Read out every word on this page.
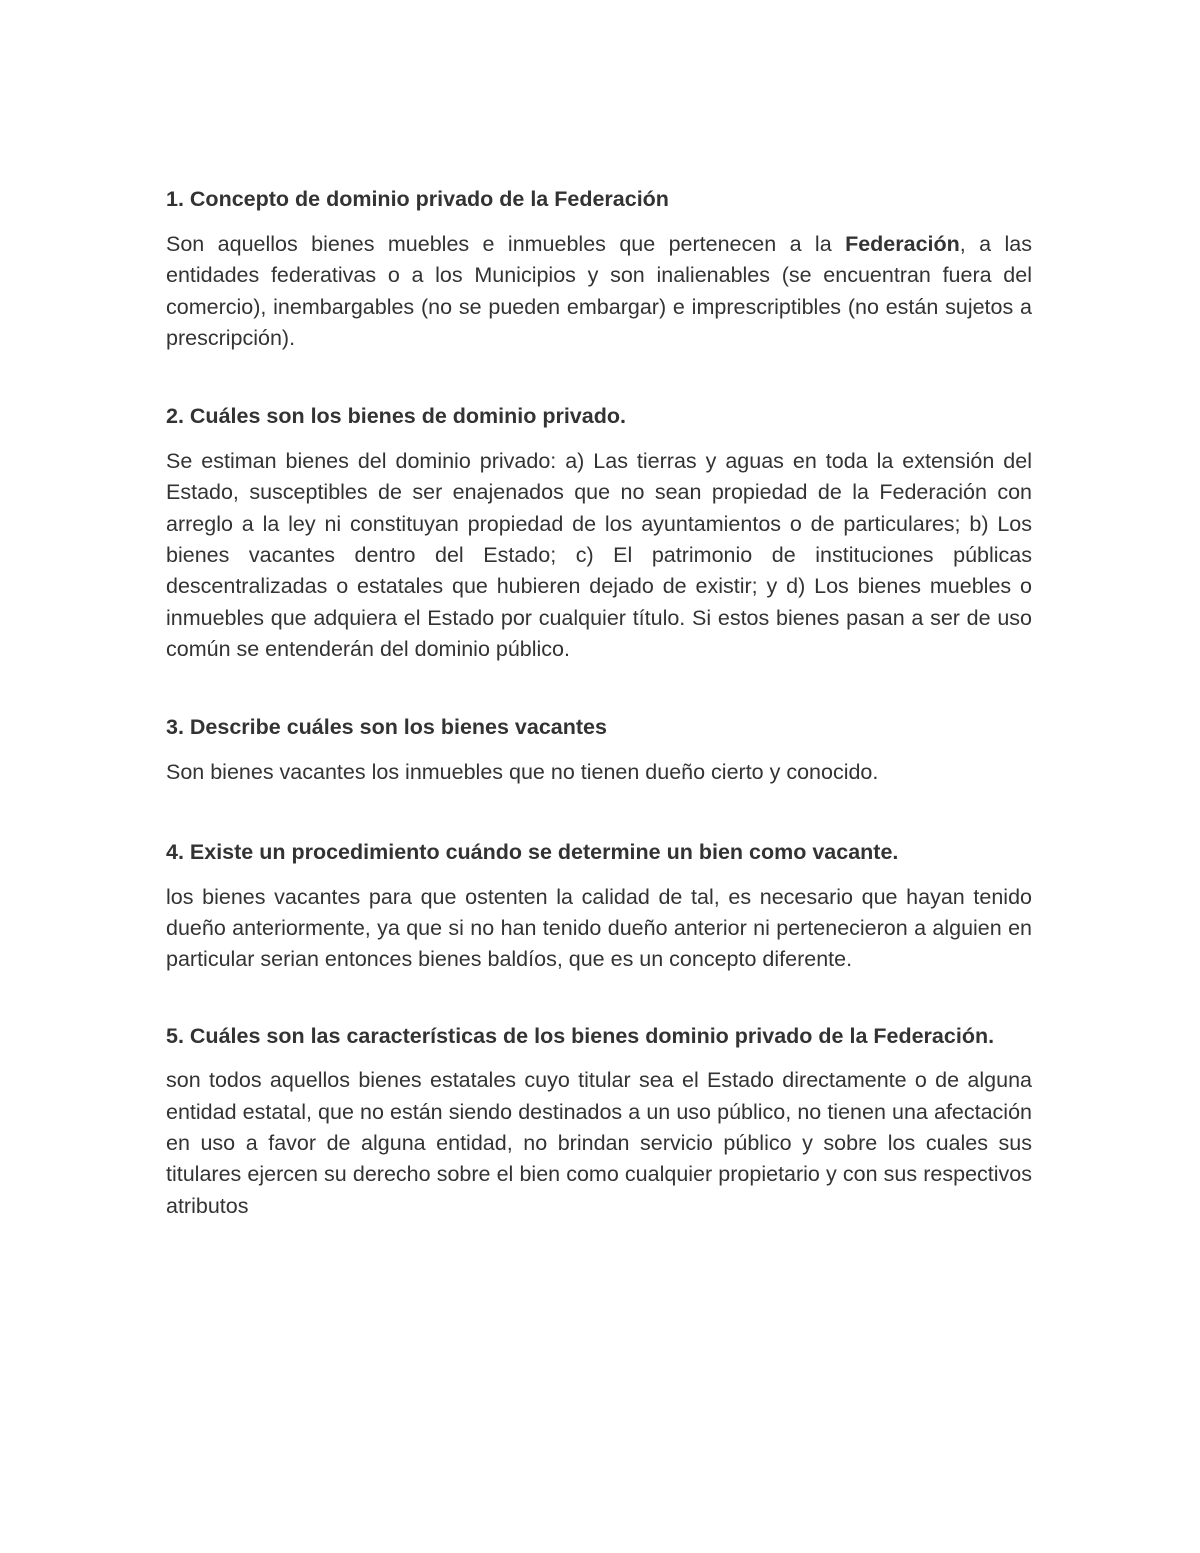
1. Concepto de dominio privado de la Federación

Son aquellos bienes muebles e inmuebles que pertenecen a la Federación, a las entidades federativas o a los Municipios y son inalienables (se encuentran fuera del comercio), inembargables (no se pueden embargar) e imprescriptibles (no están sujetos a prescripción).

2. Cuáles son los bienes de dominio privado.

Se estiman bienes del dominio privado: a) Las tierras y aguas en toda la extensión del Estado, susceptibles de ser enajenados que no sean propiedad de la Federación con arreglo a la ley ni constituyan propiedad de los ayuntamientos o de particulares; b) Los bienes vacantes dentro del Estado; c) El patrimonio de instituciones públicas descentralizadas o estatales que hubieren dejado de existir; y d) Los bienes muebles o inmuebles que adquiera el Estado por cualquier título. Si estos bienes pasan a ser de uso común se entenderán del dominio público.

3. Describe cuáles son los bienes vacantes

Son bienes vacantes los inmuebles que no tienen dueño cierto y conocido.

4. Existe un procedimiento cuándo se determine un bien como vacante.

los bienes vacantes para que ostenten la calidad de tal, es necesario que hayan tenido dueño anteriormente, ya que si no han tenido dueño anterior ni pertenecieron a alguien en particular serian entonces bienes baldíos, que es un concepto diferente.

5. Cuáles son las características de los bienes dominio privado de la Federación.

son todos aquellos bienes estatales cuyo titular sea el Estado directamente o de alguna entidad estatal, que no están siendo destinados a un uso público, no tienen una afectación en uso a favor de alguna entidad, no brindan servicio público y sobre los cuales sus titulares ejercen su derecho sobre el bien como cualquier propietario y con sus respectivos atributos
